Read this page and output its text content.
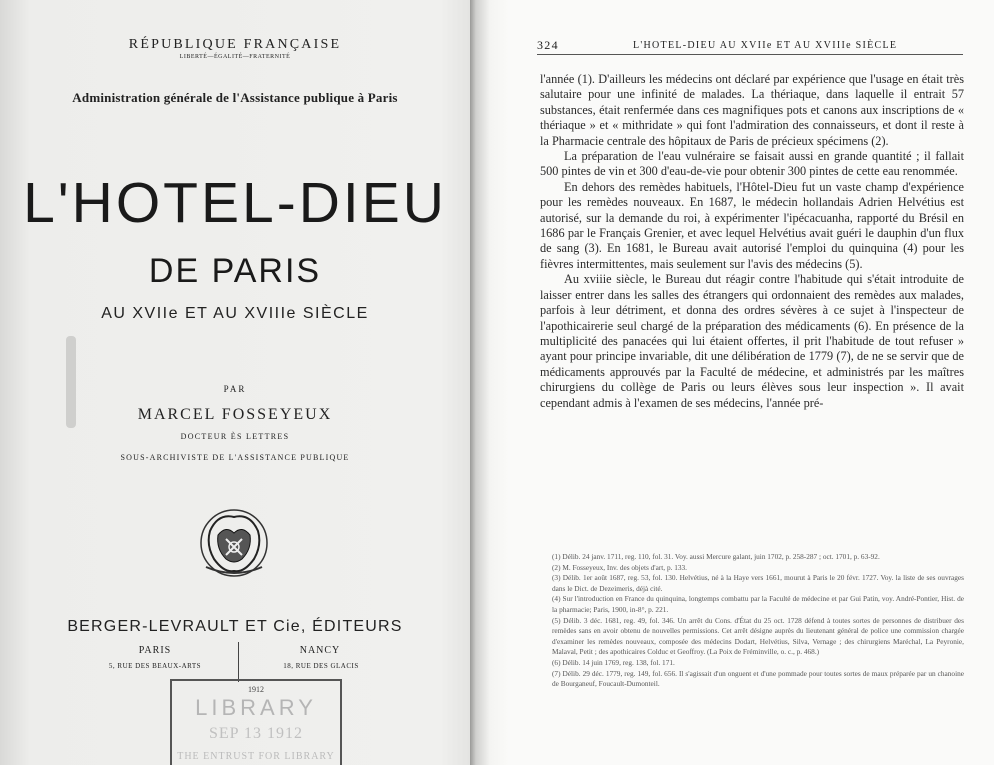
RÉPUBLIQUE FRANÇAISE
LIBERTÉ—ÉGALITÉ—FRATERNITÉ
Administration générale de l'Assistance publique à Paris
L'HOTEL-DIEU
DE PARIS
AU XVIIe ET AU XVIIIe SIÈCLE
PAR
MARCEL FOSSEYEUX
DOCTEUR ÈS LETTRES
SOUS-ARCHIVISTE DE L'ASSISTANCE PUBLIQUE
BERGER-LEVRAULT ET Cie, ÉDITEURS
PARIS
5, RUE DES BEAUX-ARTS
NANCY
18, RUE DES GLACIS
1912
LIBRARY
SEP 13 1912
THE ENTRUST FOR LIBRARY
324	L'HOTEL-DIEU AU XVIIe ET AU XVIIIe SIÈCLE

l'année (1). D'ailleurs les médecins ont déclaré par expérience que l'usage en était très salutaire pour une infinité de malades. La thériaque, dans laquelle il entrait 57 substances, était renfermée dans ces magnifiques pots et canons aux inscriptions de « thériaque » et « mithridate » qui font l'admiration des connaisseurs, et dont il reste à la Pharmacie centrale des hôpitaux de Paris de précieux spécimens (2).

La préparation de l'eau vulnéraire se faisait aussi en grande quantité ; il fallait 500 pintes de vin et 300 d'eau-de-vie pour obtenir 300 pintes de cette eau renommée.

En dehors des remèdes habituels, l'Hôtel-Dieu fut un vaste champ d'expérience pour les remèdes nouveaux. En 1687, le médecin hollandais Adrien Helvétius est autorisé, sur la demande du roi, à expérimenter l'ipécacuanha, rapporté du Brésil en 1686 par le Français Grenier, et avec lequel Helvétius avait guéri le dauphin d'un flux de sang (3). En 1681, le Bureau avait autorisé l'emploi du quinquina (4) pour les fièvres intermittentes, mais seulement sur l'avis des médecins (5).

Au xviiie siècle, le Bureau dut réagir contre l'habitude qui s'était introduite de laisser entrer dans les salles des étrangers qui ordonnaient des remèdes aux malades, parfois à leur détriment, et donna des ordres sévères à ce sujet à l'inspecteur de l'apothicairerie seul chargé de la préparation des médicaments (6). En présence de la multiplicité des panacées qui lui étaient offertes, il prit l'habitude de tout refuser » ayant pour principe invariable, dit une délibération de 1779 (7), de ne se servir que de médicaments approuvés par la Faculté de médecine, et administrés par les maîtres chirurgiens du collège de Paris ou leurs élèves sous leur inspection ». Il avait cependant admis à l'examen de ses médecins, l'année pré-

(1) Délib. 24 janv. 1711, reg. 110, fol. 31. Voy. aussi Mercure galant, juin 1702, p. 258-287 ; oct. 1701, p. 63-92.

(2) M. Fosseyeux, Inv. des objets d'art, p. 133.

(3) Délib. 1er août 1687, reg. 53, fol. 130. Helvétius, né à la Haye vers 1661, mourut à Paris le 20 févr. 1727. Voy. la liste de ses ouvrages dans le Dict. de Dezeimeris, déjà cité.

(4) Sur l'introduction en France du quinquina, longtemps combattu par la Faculté de médecine et par Gui Patin, voy. André-Pontier, Hist. de la pharmacie; Paris, 1900, in-8°, p. 221.

(5) Délib. 3 déc. 1681, reg. 49, fol. 346. Un arrêt du Cons. d'État du 25 oct. 1728 défend à toutes sortes de personnes de distribuer des remèdes sans en avoir obtenu de nouvelles permissions. Cet arrêt désigne auprès du lieutenant général de police une commission chargée d'examiner les remèdes nouveaux, composée des médecins Dodart, Helvétius, Silva, Vernage ; des chirurgiens Maréchal, La Peyronie, Malaval, Petit ; des apothicaires Colduc et Geoffroy. (La Poix de Fréminville, o. c., p. 468.)

(6) Délib. 14 juin 1769, reg. 138, fol. 171.

(7) Délib. 29 déc. 1779, reg. 149, fol. 656. Il s'agissait d'un onguent et d'une pommade pour toutes sortes de maux préparée par un chanoine de Bourganeuf, Foucault-Dumonteil.
